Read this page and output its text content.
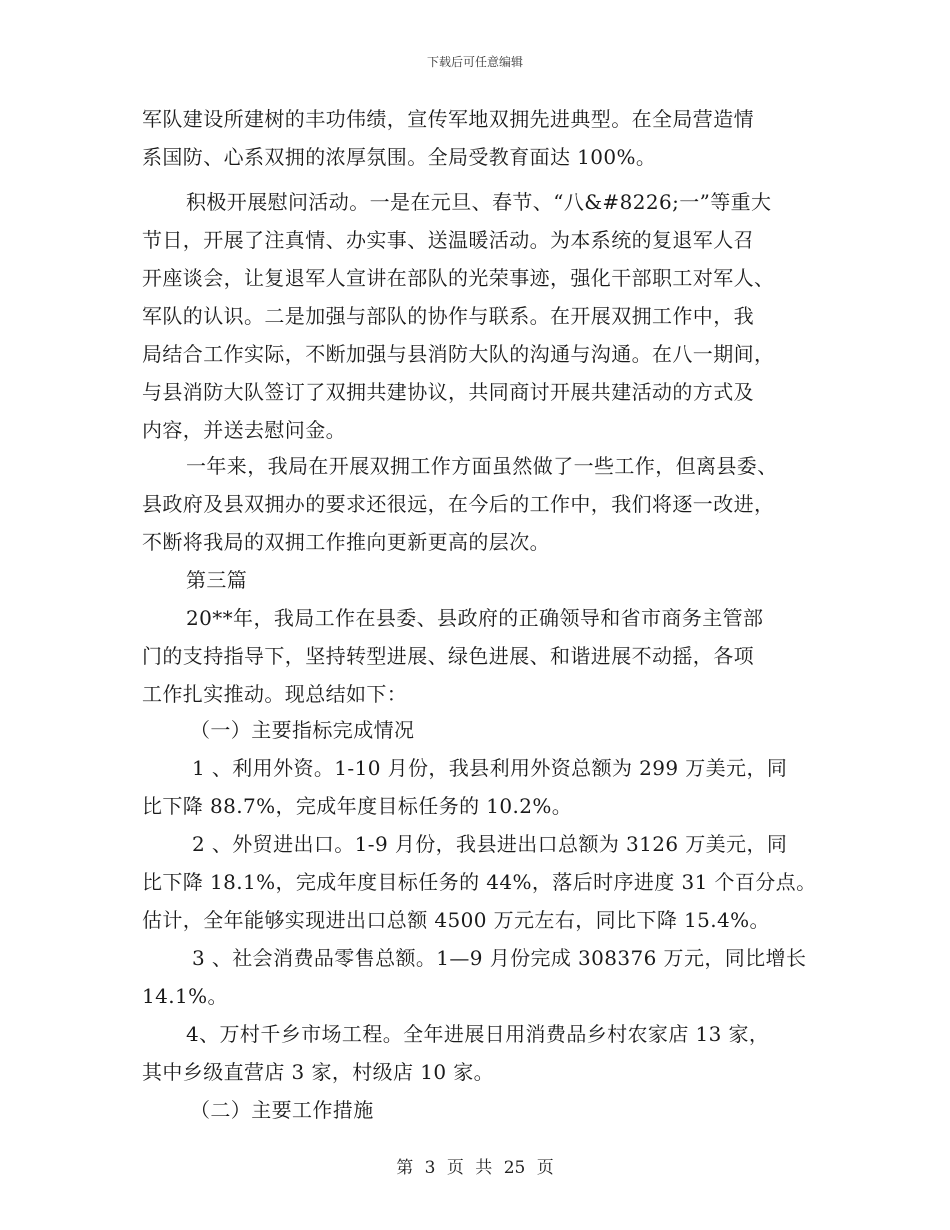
下载后可任意编辑
军队建设所建树的丰功伟绩，宣传军地双拥先进典型。在全局营造情
系国防、心系双拥的浓厚氛围。全局受教育面达 100%。
积极开展慰问活动。一是在元旦、春节、“八&#8226;一”等重大
节日，开展了注真情、办实事、送温暖活动。为本系统的复退军人召
开座谈会，让复退军人宣讲在部队的光荣事迹，强化干部职工对军人、
军队的认识。二是加强与部队的协作与联系。在开展双拥工作中，我
局结合工作实际，不断加强与县消防大队的沟通与沟通。在八一期间，
与县消防大队签订了双拥共建协议，共同商讨开展共建活动的方式及
内容，并送去慰问金。
一年来，我局在开展双拥工作方面虽然做了一些工作，但离县委、
县政府及县双拥办的要求还很远，在今后的工作中，我们将逐一改进，
不断将我局的双拥工作推向更新更高的层次。
第三篇
20**年，我局工作在县委、县政府的正确领导和省市商务主管部
门的支持指导下，坚持转型进展、绿色进展、和谐进展不动摇，各项
工作扎实推动。现总结如下：
（一）主要指标完成情况
1 、利用外资。1-10 月份，我县利用外资总额为 299 万美元，同
比下降 88.7%，完成年度目标任务的 10.2%。
2 、外贸进出口。1-9 月份，我县进出口总额为 3126 万美元，同
比下降 18.1%，完成年度目标任务的 44%，落后时序进度 31 个百分点。
估计，全年能够实现进出口总额 4500 万元左右，同比下降 15.4%。
3 、社会消费品零售总额。1—9 月份完成 308376 万元，同比增长
14.1%。
4、万村千乡市场工程。全年进展日用消费品乡村农家店 13 家，
其中乡级直营店 3 家，村级店 10 家。
（二）主要工作措施
第 3 页 共 25 页
